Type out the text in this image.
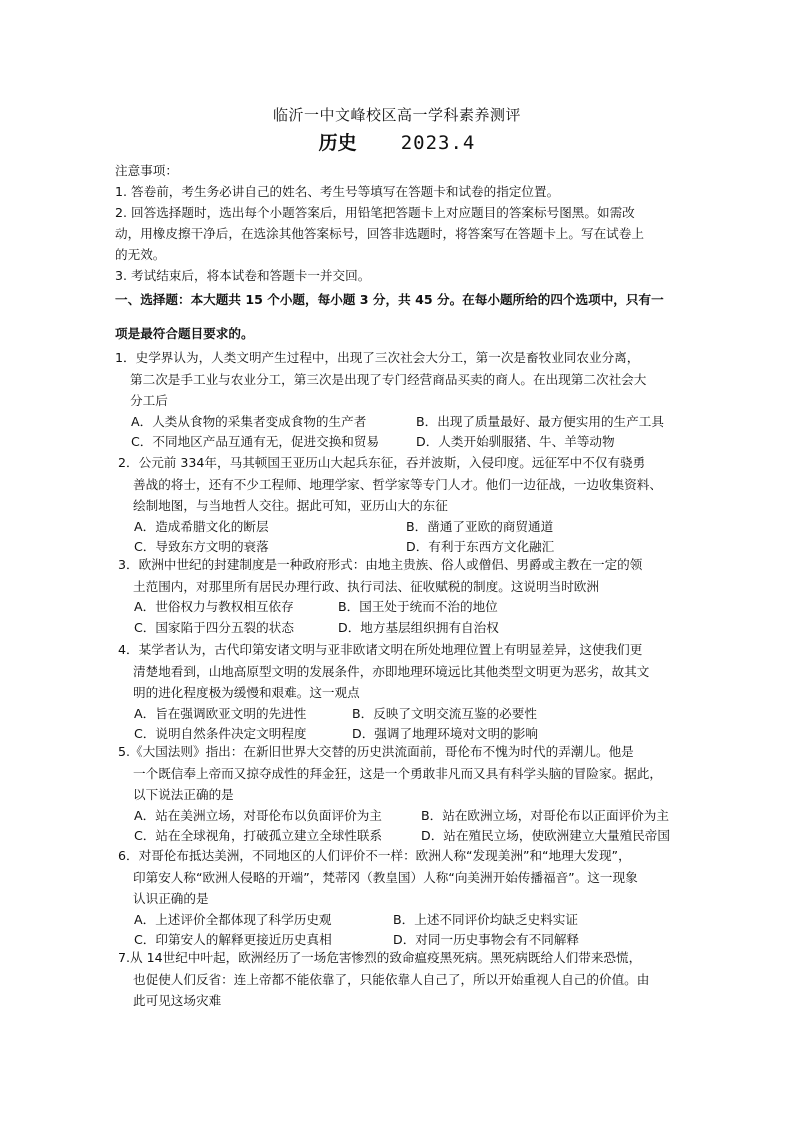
临沂一中文峰校区高一学科素养测评
历史 2023.4
注意事项：
1. 答卷前，考生务必讲自己的姓名、考生号等填写在答题卡和试卷的指定位置。
2. 回答选择题时，选出每个小题答案后，用铅笔把答题卡上对应题目的答案标号图黑。如需改
动，用橡皮擦干净后，在选涂其他答案标号，回答非选题时，将答案写在答题卡上。写在试卷上
的无效。
3. 考试结束后，将本试卷和答题卡一并交回。
一、选择题：本大题共 15 个小题，每小题 3 分，共 45 分。在每小题所给的四个选项中，只有一
项是最符合题目要求的。
1．史学界认为，人类文明产生过程中，出现了三次社会大分工，第一次是畜牧业同农业分离，
第二次是手工业与农业分工，第三次是出现了专门经营商品买卖的商人。在出现第二次社会大
分工后
A．人类从食物的采集者变成食物的生产者	B．出现了质量最好、最方便实用的生产工具
C．不同地区产品互通有无，促进交换和贸易	D．人类开始驯服猪、牛、羊等动物
2．公元前 334年，马其顿国王亚历山大起兵东征，吞并波斯，入侵印度。远征军中不仅有骁勇
善战的将士，还有不少工程师、地理学家、哲学家等专门人才。他们一边征战，一边收集资料、
绘制地图，与当地哲人交往。据此可知，亚历山大的东征
A．造成希腊文化的断层	B．凿通了亚欧的商贸通道
C．导致东方文明的衰落	D．有利于东西方文化融汇
3．欧洲中世纪的封建制度是一种政府形式：由地主贵族、俗人或僧侣、男爵或主教在一定的领
土范围内，对那里所有居民办理行政、执行司法、征收赋税的制度。这说明当时欧洲
A．世俗权力与教权相互依存	B．国王处于统而不治的地位
C．国家陷于四分五裂的状态	D．地方基层组织拥有自治权
4．某学者认为，古代印第安诸文明与亚非欧诸文明在所处地理位置上有明显差异，这使我们更
清楚地看到，山地高原型文明的发展条件，亦即地理环境远比其他类型文明更为恶劣，故其文
明的进化程度极为缓慢和艰难。这一观点
A．旨在强调欧亚文明的先进性	B．反映了文明交流互鉴的必要性
C．说明自然条件决定文明程度	D．强调了地理环境对文明的影响
5.《大国法则》指出：在新旧世界大交替的历史洪流面前，哥伦布不愧为时代的弄潮儿。他是
一个既信奉上帝而又掠夺成性的拜金狂，这是一个勇敢非凡而又具有科学头脑的冒险家。据此，
以下说法正确的是
A．站在美洲立场，对哥伦布以负面评价为主	B．站在欧洲立场，对哥伦布以正面评价为主
C．站在全球视角，打破孤立建立全球性联系	D．站在殖民立场，使欧洲建立大量殖民帝国
6．对哥伦布抵达美洲，不同地区的人们评价不一样：欧洲人称“发现美洲”和“地理大发现”，
印第安人称“欧洲人侵略的开端”，梵蒂冈（教皇国）人称“向美洲开始传播福音”。这一现象
认识正确的是
A．上述评价全都体现了科学历史观	B．上述不同评价均缺乏史料实证
C．印第安人的解释更接近历史真相	D．对同一历史事物会有不同解释
7.从 14世纪中叶起，欧洲经历了一场危害惨烈的致命瘟疫黑死病。黑死病既给人们带来恐慌，
也促使人们反省：连上帝都不能依靠了，只能依靠人自己了，所以开始重视人自己的价值。由
此可见这场灾难
